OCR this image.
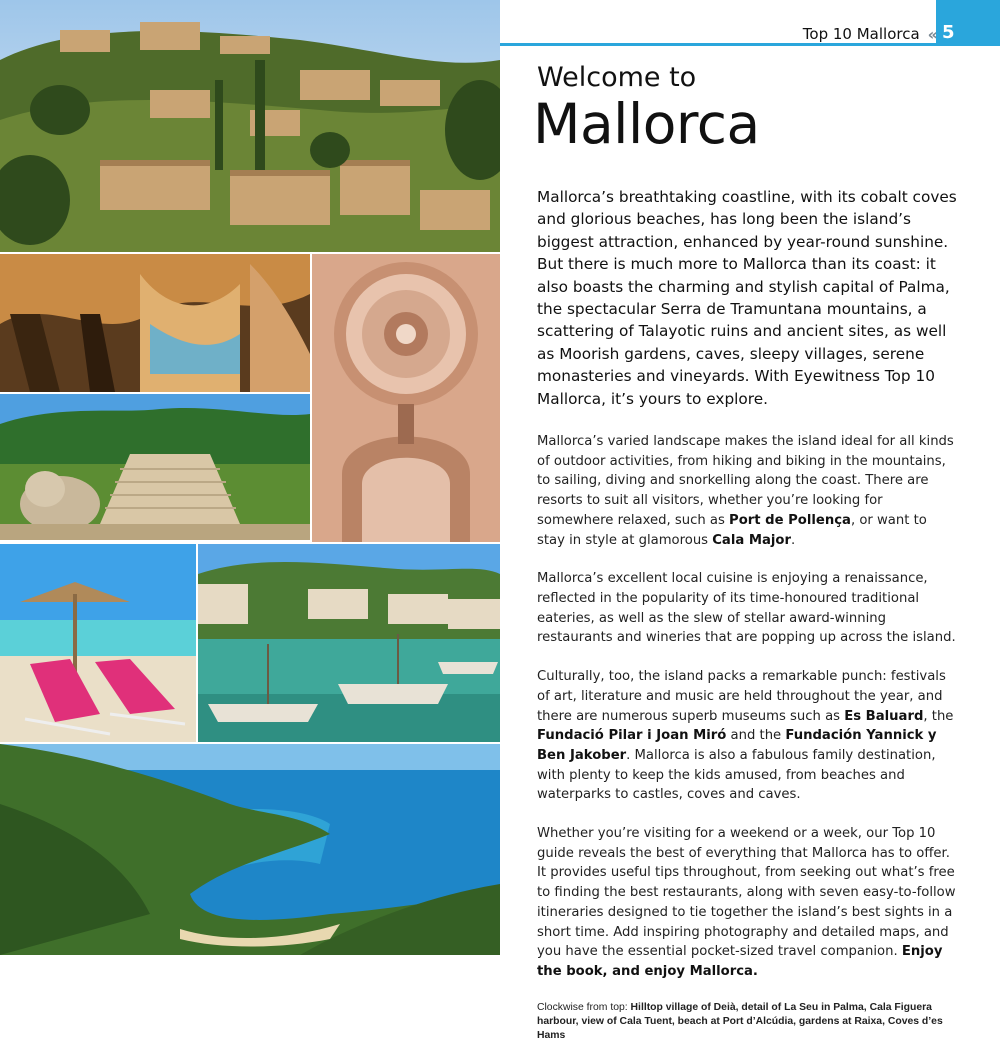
Top 10 Mallorca « 5
Welcome to
Mallorca

Mallorca’s breathtaking coastline, with its cobalt coves and glorious beaches, has long been the island’s biggest attraction, enhanced by year-round sunshine. But there is much more to Mallorca than its coast: it also boasts the charming and stylish capital of Palma, the spectacular Serra de Tramuntana mountains, a scattering of Talayotic ruins and ancient sites, as well as Moorish gardens, caves, sleepy villages, serene monasteries and vineyards. With Eyewitness Top 10 Mallorca, it’s yours to explore.

Mallorca’s varied landscape makes the island ideal for all kinds of outdoor activities, from hiking and biking in the mountains, to sailing, diving and snorkelling along the coast. There are resorts to suit all visitors, whether you’re looking for somewhere relaxed, such as Port de Pollença, or want to stay in style at glamorous Cala Major.

Mallorca’s excellent local cuisine is enjoying a renaissance, reflected in the popularity of its time-honoured traditional eateries, as well as the slew of stellar award-winning restaurants and wineries that are popping up across the island.

Culturally, too, the island packs a remarkable punch: festivals of art, literature and music are held throughout the year, and there are numerous superb museums such as Es Baluard, the Fundació Pilar i Joan Miró and the Fundación Yannick y Ben Jakober. Mallorca is also a fabulous family destination, with plenty to keep the kids amused, from beaches and waterparks to castles, coves and caves.

Whether you’re visiting for a weekend or a week, our Top 10 guide reveals the best of everything that Mallorca has to offer. It provides useful tips throughout, from seeking out what’s free to finding the best restaurants, along with seven easy-to-follow itineraries designed to tie together the island’s best sights in a short time. Add inspiring photography and detailed maps, and you have the essential pocket-sized travel companion. Enjoy the book, and enjoy Mallorca.

Clockwise from top: Hilltop village of Deià, detail of La Seu in Palma, Cala Figuera harbour, view of Cala Tuent, beach at Port d’Alcúdia, gardens at Raixa, Coves d’es Hams
